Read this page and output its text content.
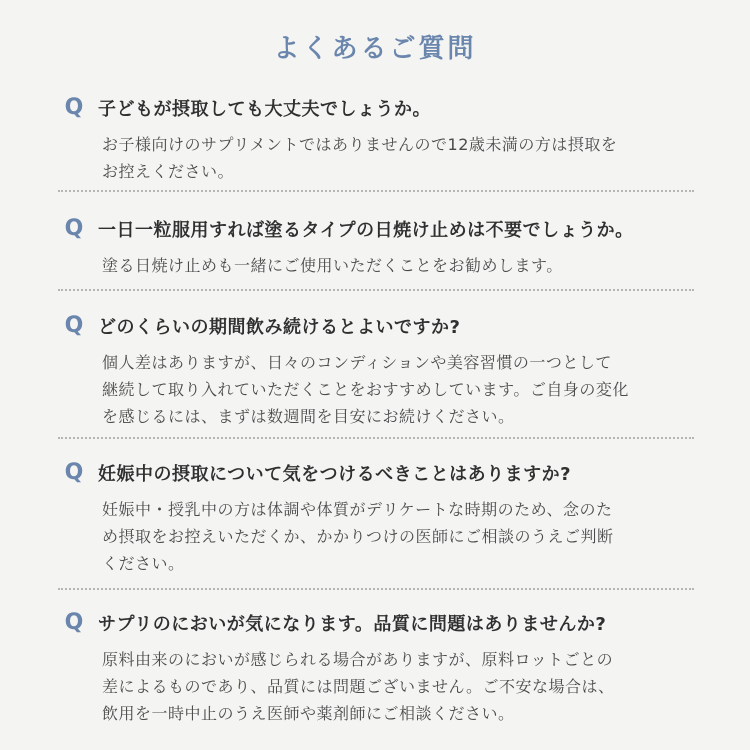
よくあるご質問
Q 子どもが摂取しても大丈夫でしょうか。
お子様向けのサプリメントではありませんので12歳未満の方は摂取を
お控えください。
Q 一日一粒服用すれば塗るタイプの日焼け止めは不要でしょうか。
塗る日焼け止めも一緒にご使用いただくことをお勧めします。
Q どのくらいの期間飲み続けるとよいですか?
個人差はありますが、日々のコンディションや美容習慣の一つとして
継続して取り入れていただくことをおすすめしています。ご自身の変化
を感じるには、まずは数週間を目安にお続けください。
Q 妊娠中の摂取について気をつけるべきことはありますか?
妊娠中・授乳中の方は体調や体質がデリケートな時期のため、念のた
め摂取をお控えいただくか、かかりつけの医師にご相談のうえご判断
ください。
Q サプリのにおいが気になります。品質に問題はありませんか?
原料由来のにおいが感じられる場合がありますが、原料ロットごとの
差によるものであり、品質には問題ございません。ご不安な場合は、
飲用を一時中止のうえ医師や薬剤師にご相談ください。
